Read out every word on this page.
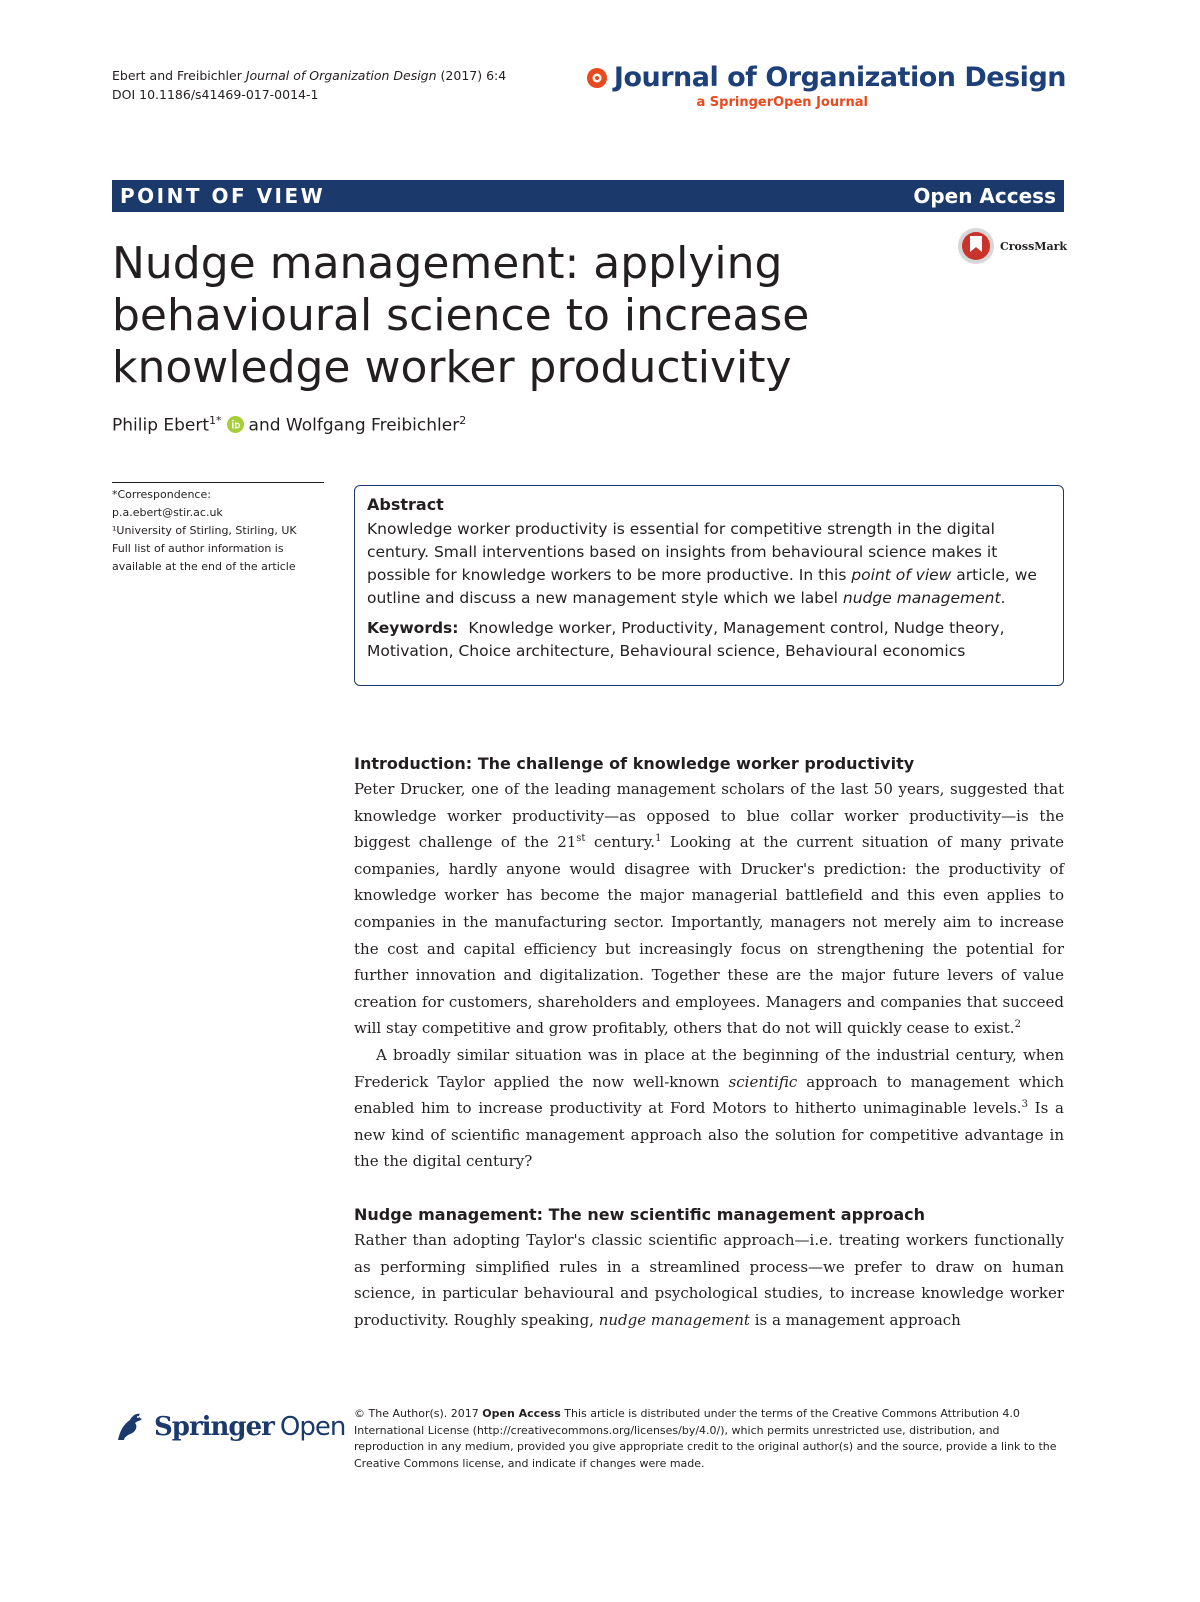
Ebert and Freibichler Journal of Organization Design (2017) 6:4
DOI 10.1186/s41469-017-0014-1
Journal of Organization Design
a SpringerOpen Journal
POINT OF VIEW	Open Access
Nudge management: applying behavioural science to increase knowledge worker productivity
CrossMark
Philip Ebert$^{1*}$ and Wolfgang Freibichler$^2$
*Correspondence:
p.a.ebert@stir.ac.uk
¹University of Stirling, Stirling, UK
Full list of author information is
available at the end of the article
Abstract

Knowledge worker productivity is essential for competitive strength in the digital century. Small interventions based on insights from behavioural science makes it possible for knowledge workers to be more productive. In this point of view article, we outline and discuss a new management style which we label nudge management.

Keywords: Knowledge worker, Productivity, Management control, Nudge theory, Motivation, Choice architecture, Behavioural science, Behavioural economics

Introduction: The challenge of knowledge worker productivity

Peter Drucker, one of the leading management scholars of the last 50 years, suggested that knowledge worker productivity—as opposed to blue collar worker productivity—is the biggest challenge of the 21st century.$^1$ Looking at the current situation of many private companies, hardly anyone would disagree with Drucker's prediction: the productivity of knowledge worker has become the major managerial battlefield and this even applies to companies in the manufacturing sector. Importantly, managers not merely aim to increase the cost and capital efficiency but increasingly focus on strengthening the potential for further innovation and digitalization. Together these are the major future levers of value creation for customers, shareholders and employees. Managers and companies that succeed will stay competitive and grow profitably, others that do not will quickly cease to exist.$^2$

A broadly similar situation was in place at the beginning of the industrial century, when Frederick Taylor applied the now well-known scientific approach to management which enabled him to increase productivity at Ford Motors to hitherto unimaginable levels.$^3$ Is a new kind of scientific management approach also the solution for competitive advantage in the the digital century?

Nudge management: The new scientific management approach

Rather than adopting Taylor's classic scientific approach—i.e. treating workers functionally as performing simplified rules in a streamlined process—we prefer to draw on human science, in particular behavioural and psychological studies, to increase knowledge worker productivity. Roughly speaking, nudge management is a management approach

Springer Open © The Author(s). 2017 Open Access This article is distributed under the terms of the Creative Commons Attribution 4.0 International License (http://creativecommons.org/licenses/by/4.0/), which permits unrestricted use, distribution, and reproduction in any medium, provided you give appropriate credit to the original author(s) and the source, provide a link to the Creative Commons license, and indicate if changes were made.
